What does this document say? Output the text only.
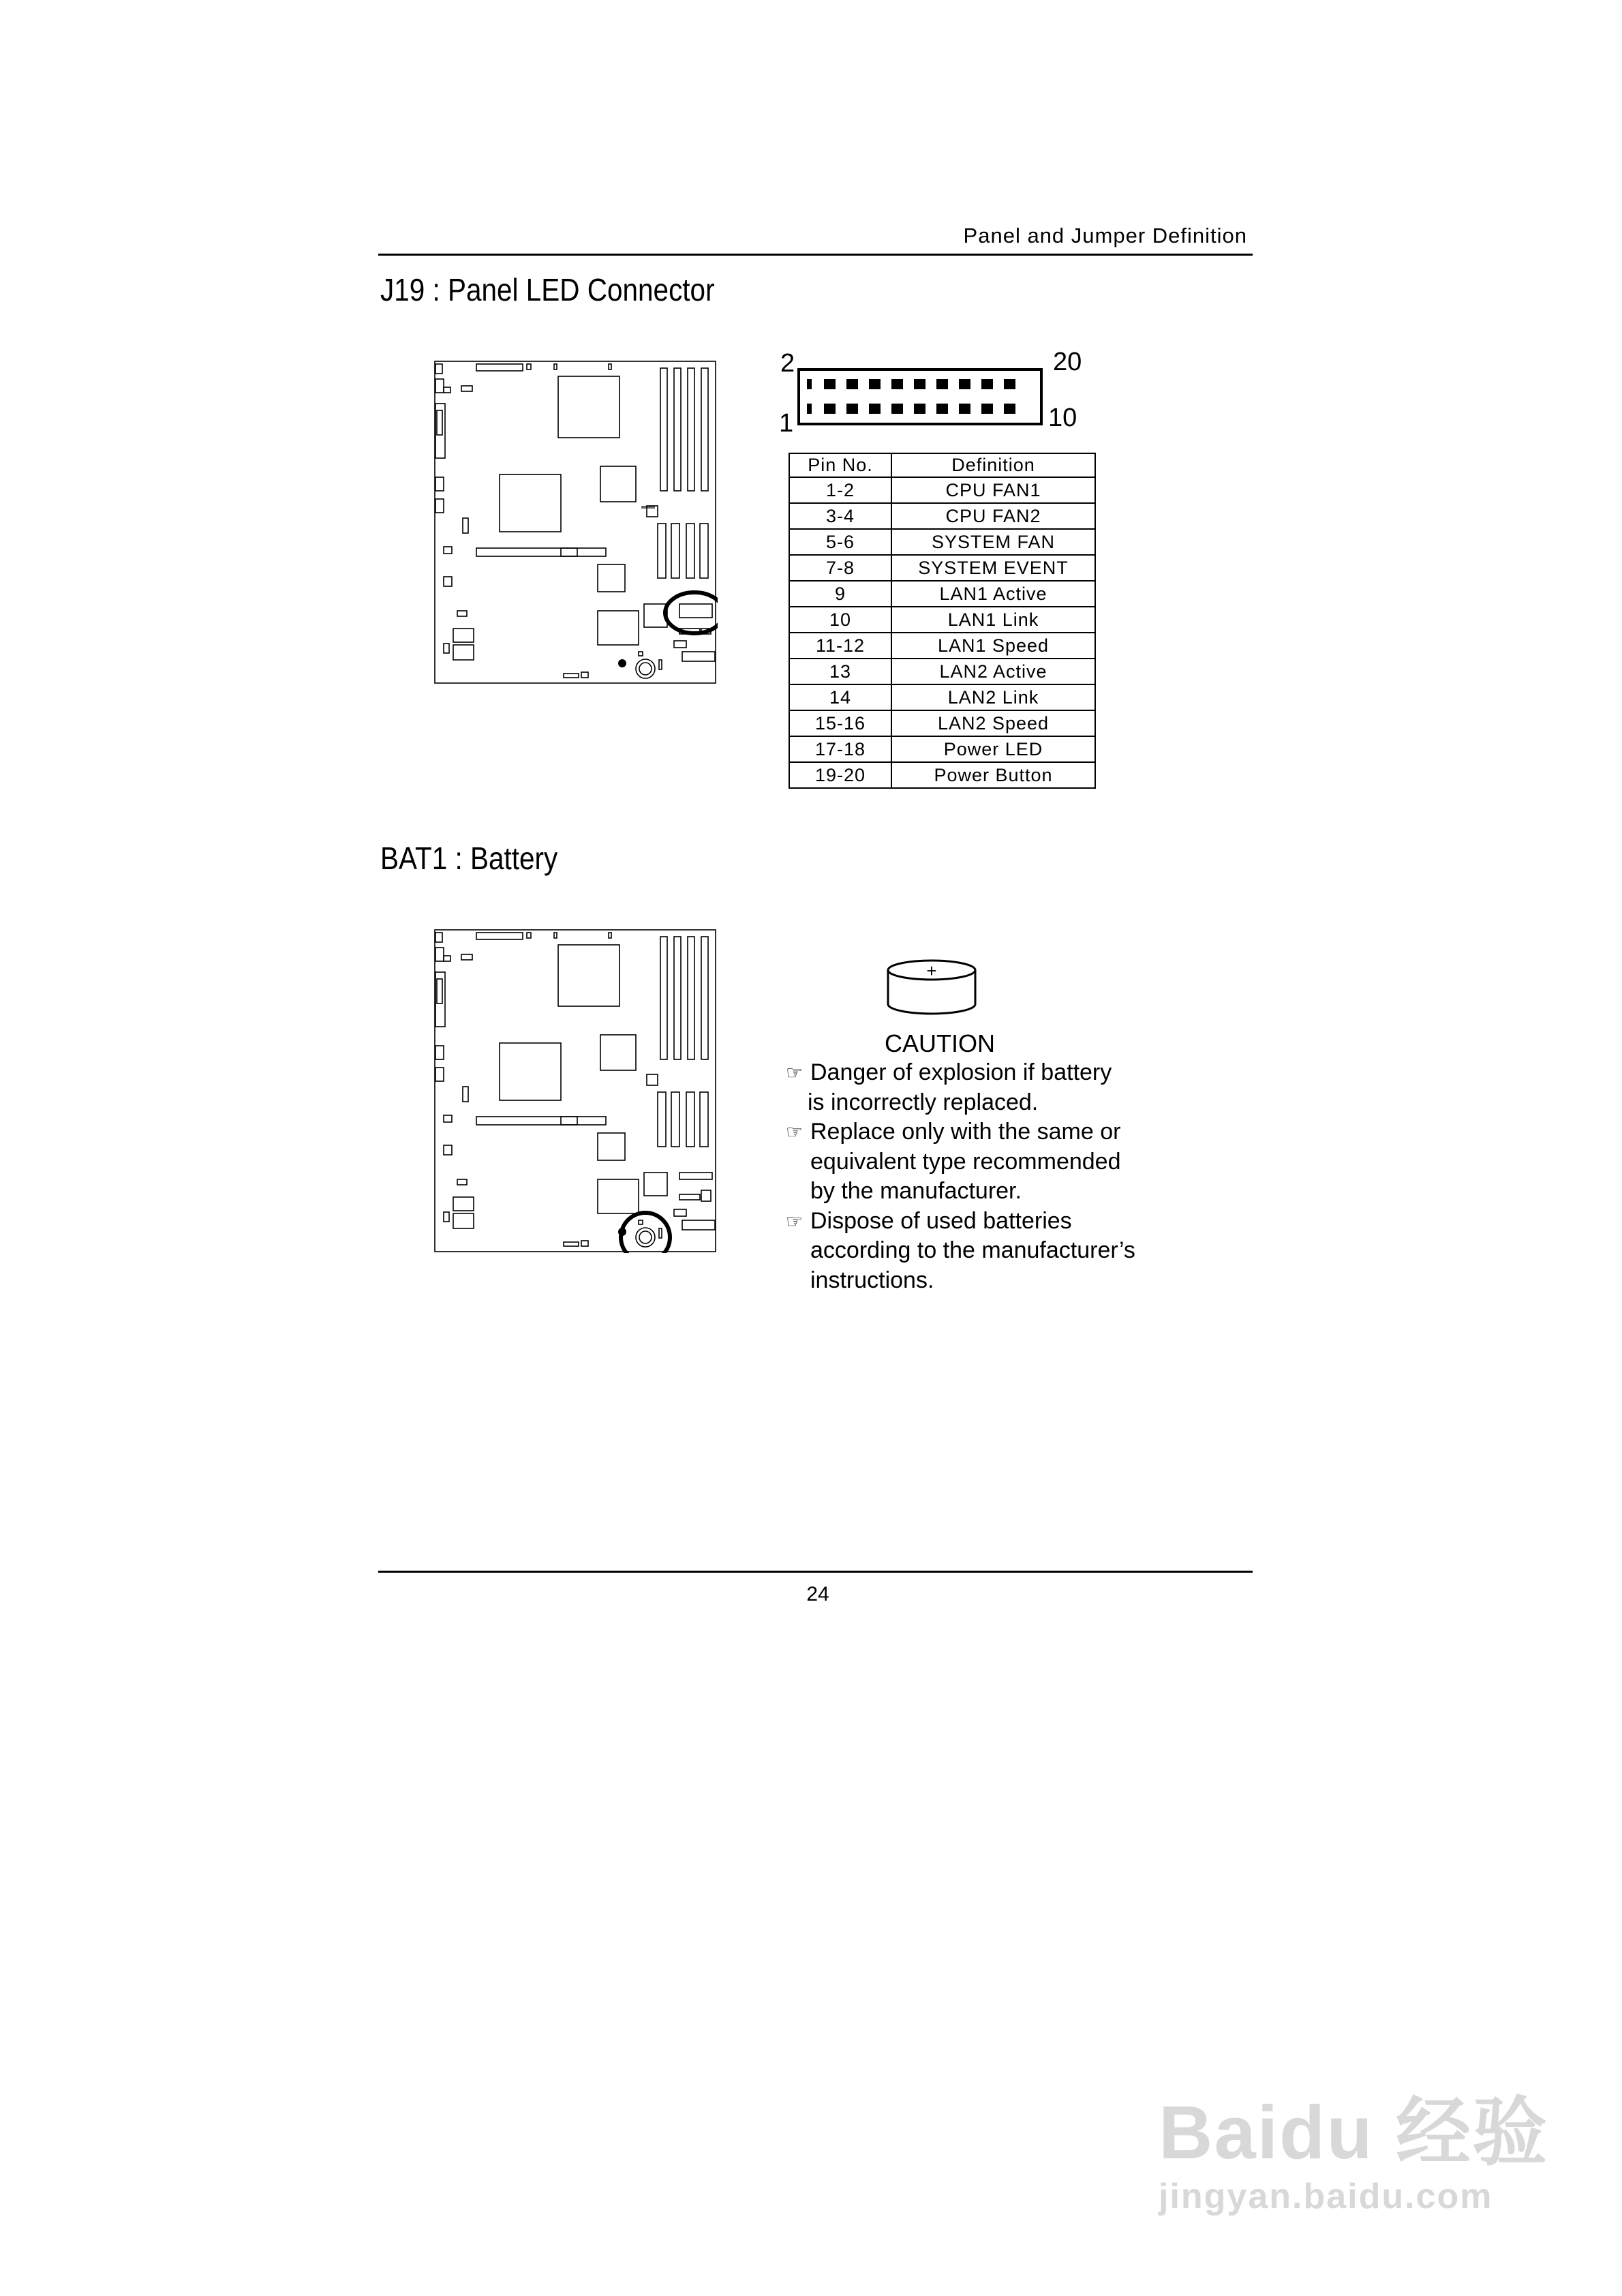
Panel and Jumper Definition
J19 : Panel LED Connector
2	20
1	10
Pin No.	Definition
1-2	CPU FAN1
3-4	CPU FAN2
5-6	SYSTEM FAN
7-8	SYSTEM EVENT
9	LAN1 Active
10	LAN1 Link
11-12	LAN1 Speed
13	LAN2 Active
14	LAN2 Link
15-16	LAN2 Speed
17-18	Power LED
19-20	Power Button
BAT1 : Battery
+
CAUTION
☞ Danger of explosion if battery
is incorrectly replaced.
☞ Replace only with the same or
equivalent type recommended
by the manufacturer.
☞ Dispose of used batteries
according to the manufacturer’s
instructions.
24
Baidu 经验
jingyan.baidu.com
